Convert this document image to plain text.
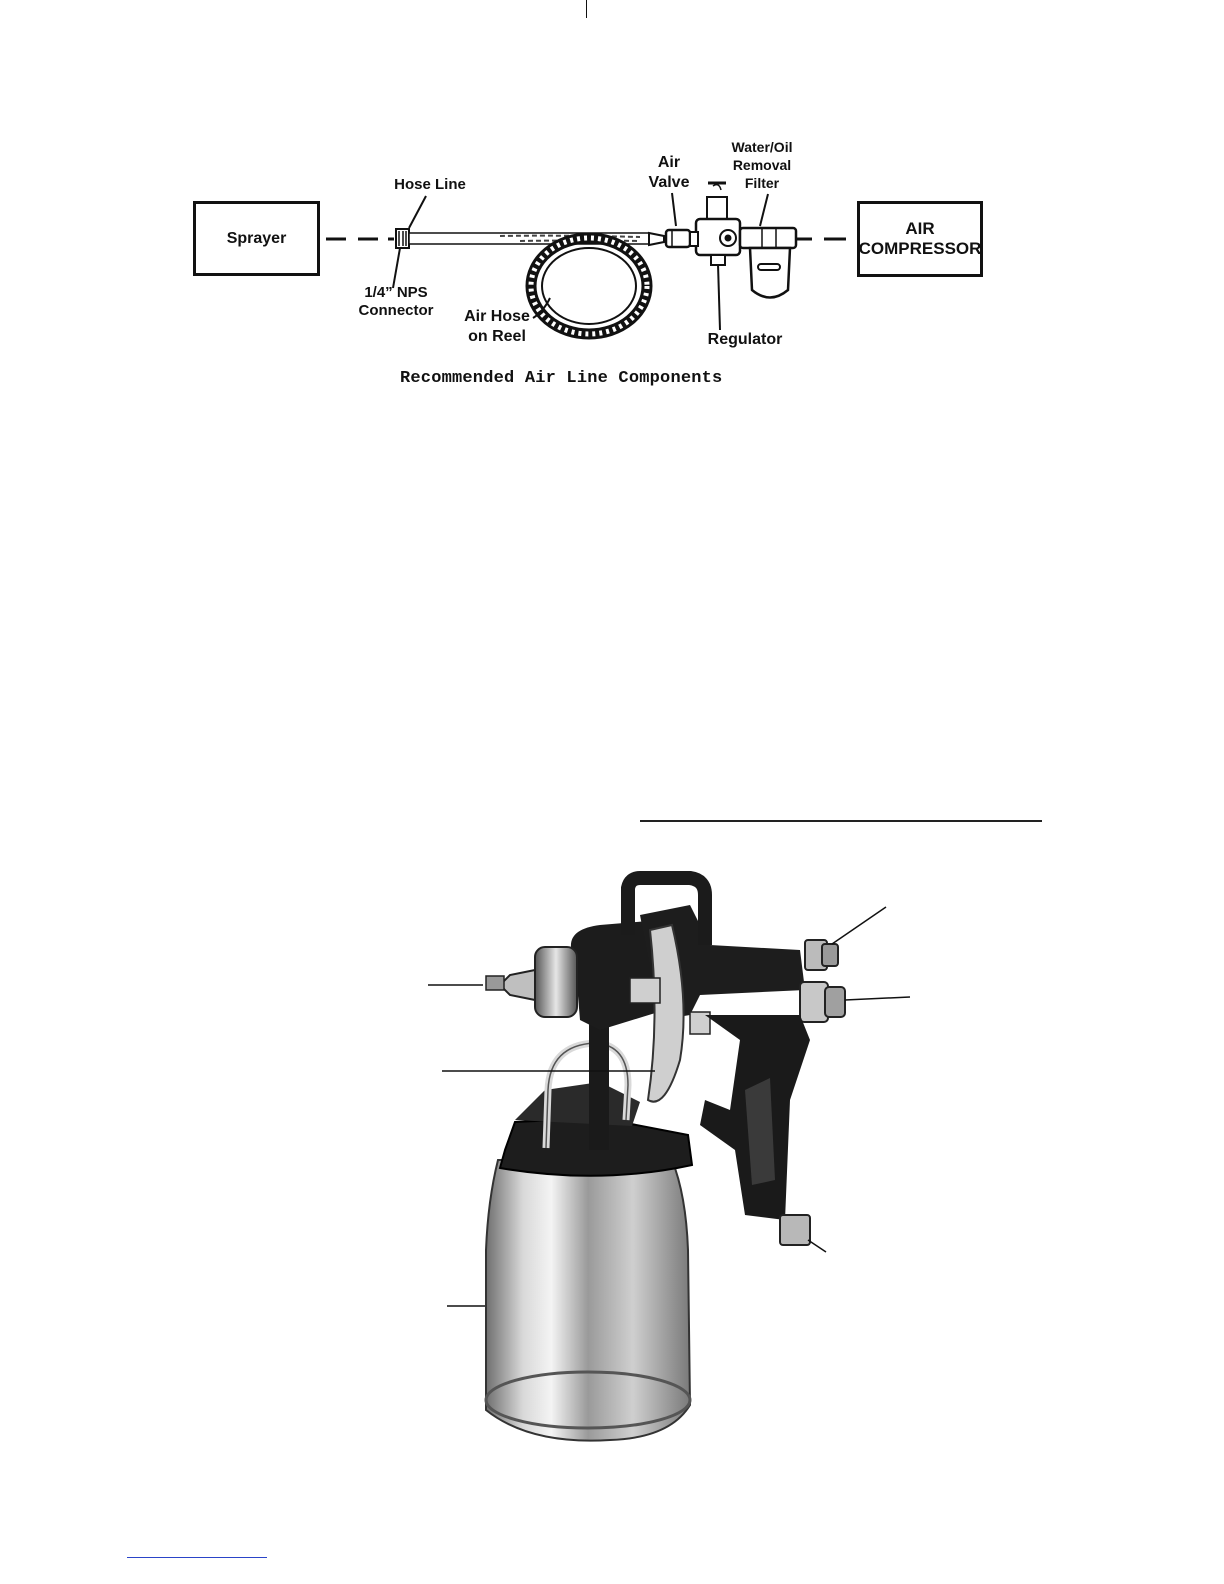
Sprayer	AIR
COMPRESSOR
Hose Line
1/4” NPS
Connector	Air Hose
on Reel
Air
Valve
Water/Oil
Removal
Filter
Regulator
Recommended Air Line Components
